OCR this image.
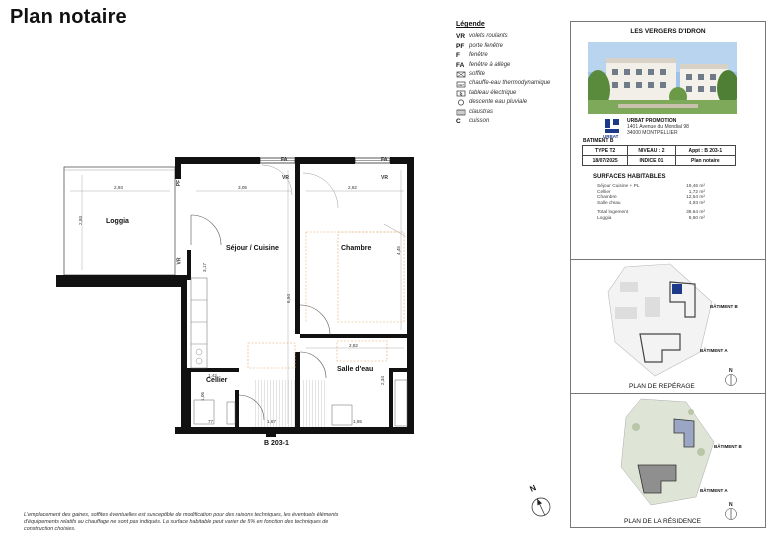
Plan notaire	Légende
VR volets roulants
PF porte fenêtre
F	fenêtre
FA fenêtre à allège
soffite
CET chauffe-eau thermodynamique
tableau électrique
descente eau pluviale
claustras
C	cuisson
FA
VR
FA
VR
PF
VR
Loggia
Séjour / Cuisine	Chambre
Salle d'eau
Cellier
2,93
2,93
3,05	2,82
4,45
6,94
2,82
2,34
1,42
1,06
1,67	1,65
77
3,17
B 203-1
N
L'emplacement des gaines, soffites éventuelles est susceptible de modification pour des raisons techniques, les éventuels éléments d'équipements relatifs au chauffage ne sont pas indiqués. La surface habitable peut varier de 5% en fonction des techniques de construction choisies.
LES VERGERS D'IDRON
URBAT
URBAT PROMOTION
1401 Avenue du Mondial 98
34000 MONTPELLIER
BATIMENT B
TYPE T2	NIVEAU : 2	Appt : B 203-1
18/07/2025	INDICE 01	Plan notaire
SURFACES HABITABLES
Séjour Cuisine + PL	19,46 m²
Cellier	1,72 m²
Chambre	12,54 m²
Salle d'eau	4,93 m²
Total logement	38,64 m²
Loggia	8,60 m²
BÂTIMENT B
BÂTIMENT A
PLAN DE REPÉRAGE
N
BÂTIMENT B
BÂTIMENT A
PLAN DE LA RÉSIDENCE
N
